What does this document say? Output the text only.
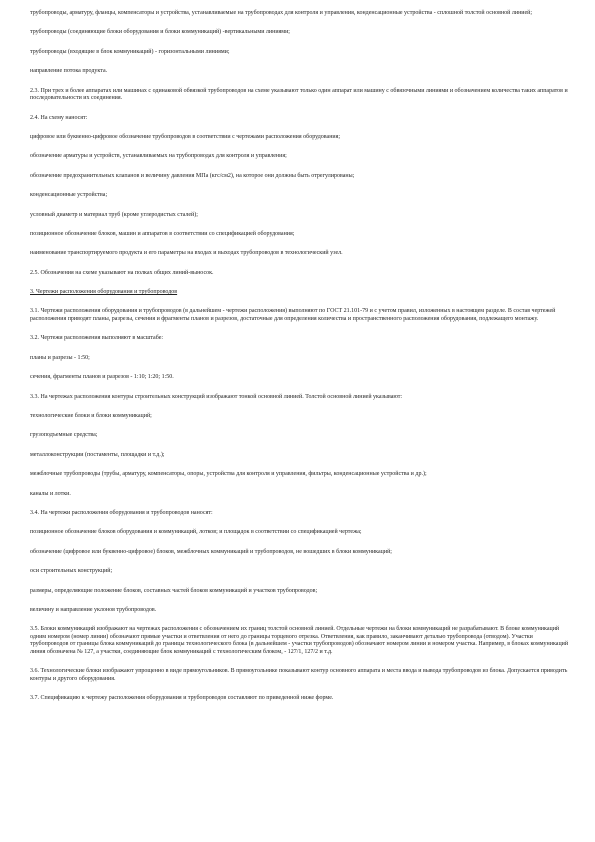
трубопроводы, арматуру, фланцы, компенсаторы и устройства, устанавливаемые на трубопроводах для контроля и управления, конденсационные устройства - сплошной толстой основной линией;

трубопроводы (соединяющие блоки оборудования и блоки коммуникаций) -вертикальными линиями;

трубопроводы (входящие в блок коммуникаций) - горизонтальными линиями;

направление потока продукта.

2.3. При трех и более аппаратах или машинах с одинаковой обвязкой трубопроводов на схеме указывают только один аппарат или машину с обвязочными линиями и обозначением количества таких аппаратов и последовательности их соединения.

2.4. На схему наносят:

цифровое или буквенно-цифровое обозначение трубопроводов в соответствии с чертежами расположения оборудования;

обозначение арматуры и устройств, устанавливаемых на трубопроводах для контроля и управления;

обозначение предохранительных клапанов и величину давления МПа (кгс/см2), на которое они должны быть отрегулированы;

конденсационные устройства;

условный диаметр и материал труб (кроме углеродистых сталей);

позиционное обозначение блоков, машин и аппаратов в соответствии со спецификацией оборудования;

наименование транспортируемого продукта и его параметры на входах и выходах трубопроводов в технологический узел.

2.5. Обозначения на схеме указывают на полках общих линий-выносок.

3. Чертежи расположения оборудования и трубопроводов

3.1. Чертежи расположения оборудования и трубопроводов (в дальнейшем - чертежи расположения) выполняют по ГОСТ 21.101-79 и с учетом правил, изложенных в настоящем разделе. В состав чертежей расположения приводят планы, разрезы, сечения и фрагменты планов и разрезов, достаточные для определения количества и пространственного расположения оборудования, подлежащего монтажу.

3.2. Чертежи расположения выполняют в масштабе:

планы и разрезы - 1:50;

сечения, фрагменты планов и разрезов - 1:10; 1:20; 1:50.

3.3. На чертежах расположения контуры строительных конструкций изображают тонкой основной линией. Толстой основной линией указывают:

технологические блоки и блоки коммуникаций;

грузоподъемные средства;

металлоконструкции (постаменты, площадки и т.д.);

межблочные трубопроводы (трубы, арматуру, компенсаторы, опоры, устройства для контроля и управления, фильтры, конденсационные устройства и др.);

каналы и лотки.

3.4. На чертежи расположения оборудования и трубопроводов наносят:

позиционное обозначение блоков оборудования и коммуникаций, лотков; и площадок в соответствии со спецификацией чертежа;

обозначение (цифровое или буквенно-цифровое) блоков, межблочных коммуникаций и трубопроводов, не вошедших в блоки коммуникаций;

оси строительных конструкций;

размеры, определяющие положение блоков, составных частей блоков коммуникаций и участков трубопроводов;

величину и направление уклонов трубопроводов.

3.5. Блоки коммуникаций изображают на чертежах расположения с обозначением их границ толстой основной линией. Отдельные чертежи на блоки коммуникаций не разрабатывают. В блоке коммуникаций одним номером (номер линии) обозначают прямые участки и ответвления от него до границы торцевого отрезка. Ответвления, как правило, заканчивают деталью трубопровода (отводом). Участки трубопроводов от границы блока коммуникаций до границы технологического блока (в дальнейшем - участки трубопроводов) обозначают номером линии и номером участка. Например, в блоках коммуникаций линия обозначена № 127, а участки, соединяющие блок коммуникаций с технологическим блоком, - 127/1, 127/2 и т.д.

3.6. Технологические блоки изображают упрощенно в виде прямоугольников. В прямоугольнике показывают контур основного аппарата и места ввода и вывода трубопроводов из блока. Допускается приводить контуры и другого оборудования.

3.7. Спецификацию к чертежу расположения оборудования и трубопроводов составляют по приведенной ниже форме.
